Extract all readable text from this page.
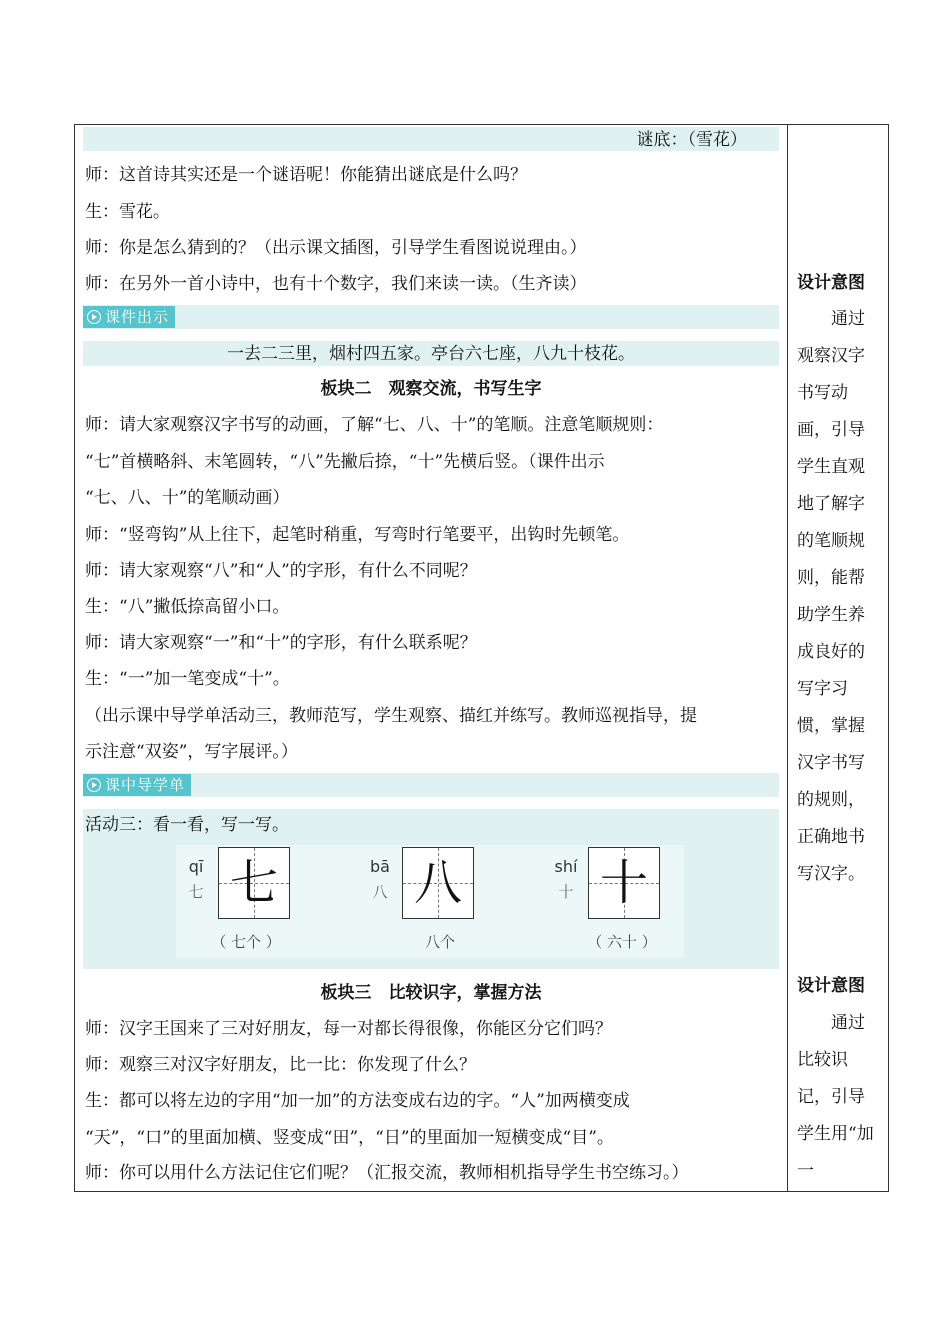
谜底：（雪花）
师：这首诗其实还是一个谜语呢！你能猜出谜底是什么吗？
生：雪花。
师：你是怎么猜到的？（出示课文插图，引导学生看图说说理由。）
师：在另外一首小诗中，也有十个数字，我们来读一读。（生齐读）
课件出示
一去二三里，烟村四五家。亭台六七座，八九十枝花。
板块二　观察交流，书写生字
师：请大家观察汉字书写的动画，了解“七、八、十”的笔顺。注意笔顺规则：
“七”首横略斜、末笔圆转，“八”先撇后捺，“十”先横后竖。（课件出示
“七、八、十”的笔顺动画）
师：“竖弯钩”从上往下，起笔时稍重，写弯时行笔要平，出钩时先顿笔。
师：请大家观察“八”和“人”的字形，有什么不同呢？
生：“八”撇低捺高留小口。
师：请大家观察“一”和“十”的字形，有什么联系呢？
生：“一”加一笔变成“十”。
（出示课中导学单活动三，教师范写，学生观察、描红并练写。教师巡视指导，提
示注意“双姿”，写字展评。）
课中导学单
活动三：看一看，写一写。
qī
七 七
（ 七个 ）
bā
八 八
八个
shí
十 十
（ 六十 ）
板块三　比较识字，掌握方法
师：汉字王国来了三对好朋友，每一对都长得很像，你能区分它们吗？
师：观察三对汉字好朋友，比一比：你发现了什么？
生：都可以将左边的字用“加一加”的方法变成右边的字。“人”加两横变成
“天”，“口”的里面加横、竖变成“田”，“日”的里面加一短横变成“目”。
师：你可以用什么方法记住它们呢？（汇报交流，教师相机指导学生书空练习。）
设计意图
通过观察汉字书写动画，引导学生直观地了解字的笔顺规则，能帮助学生养成良好的写字习惯，掌握汉字书写的规则，正确地书写汉字。
设计意图
通过比较识记，引导学生用“加一
